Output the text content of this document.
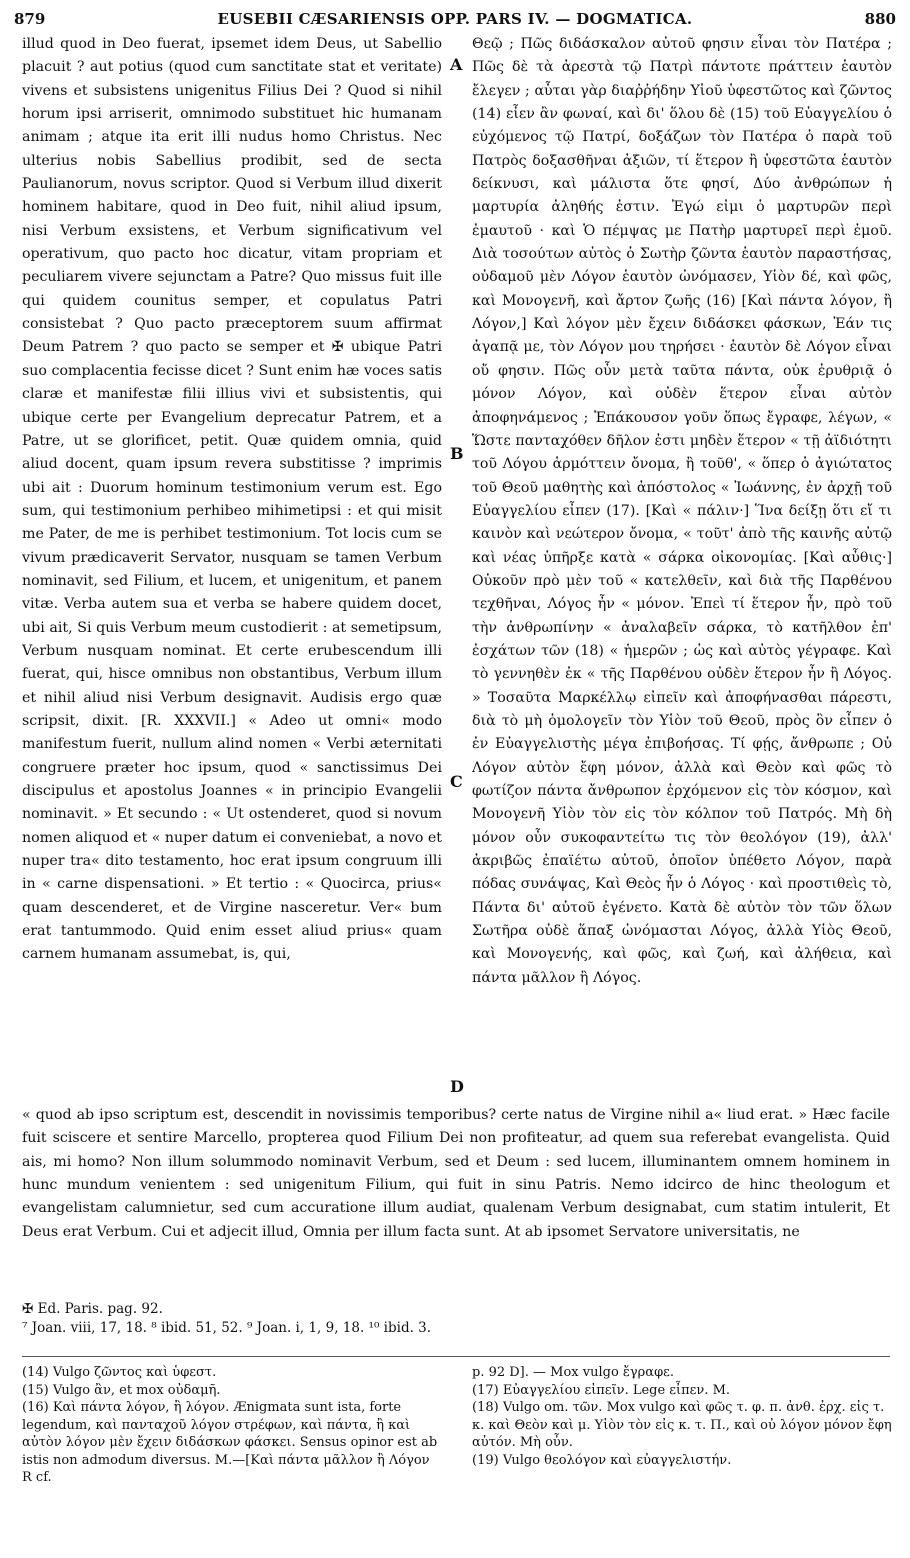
879	EUSEBII CÆSARIENSIS OPP. PARS IV. — DOGMATICA.	880

illud quod in Deo fuerat, ipsemet idem Deus, ut Sabellio placuit ? aut potius (quod cum sanctitate stat et veritate) vivens et subsistens unigenitus Filius Dei ? Quod si nihil horum ipsi arriserit, omnimodo substituet hic humanam animam ; atque ita erit illi nudus homo Christus. Nec ulterius nobis Sabellius prodibit, sed de secta Paulianorum, novus scriptor. Quod si Verbum illud dixerit hominem habitare, quod in Deo fuit, nihil aliud ipsum, nisi Verbum exsistens, et Verbum significativum vel operativum, quo pacto hoc dicatur, vitam propriam et peculiarem vivere sejunctam a Patre? Quo missus fuit ille qui quidem counitus semper, et copulatus Patri consistebat ? Quo pacto præceptorem suum affirmat Deum Patrem ? quo pacto se semper et ✠ ubique Patri suo complacentia fecisse dicet ? Sunt enim hæ voces satis claræ et manifestæ filii illius vivi et subsistentis, qui ubique certe per Evangelium deprecatur Patrem, et a Patre, ut se glorificet, petit. Quæ quidem omnia, quid aliud docent, quam ipsum revera substitisse ? imprimis ubi ait : Duorum hominum testimonium verum est. Ego sum, qui testimonium perhibeo mihimetipsi : et qui misit me Pater, de me is perhibet testimonium. Tot locis cum se vivum prædicaverit Servator, nusquam se tamen Verbum nominavit, sed Filium, et lucem, et unigenitum, et panem vitæ. Verba autem sua et verba se habere quidem docet, ubi ait, Si quis Verbum meum custodierit : at semetipsum, Verbum nusquam nominat. Et certe erubescendum illi fuerat, qui, hisce omnibus non obstantibus, Verbum illum et nihil aliud nisi Verbum designavit. Audisis ergo quæ scripsit, dixit. [R. XXXVII.] « Adeo ut omni« modo manifestum fuerit, nullum alind nomen « Verbi æternitati congruere præter hoc ipsum, quod « sanctissimus Dei discipulus et apostolus Joannes « in principio Evangelii nominavit. » Et secundo : « Ut ostenderet, quod si novum nomen aliquod et « nuper datum ei conveniebat, a novo et nuper tra« dito testamento, hoc erat ipsum congruum illi in « carne dispensationi. » Et tertio : « Quocirca, prius« quam descenderet, et de Virgine nasceretur. Ver« bum erat tantummodo. Quid enim esset aliud prius« quam carnem humanam assumebat, is, qui,

A
B
C
D

Θεῷ ; Πῶς διδάσκαλον αὐτοῦ φησιν εἶναι τὸν Πατέρα ; Πῶς δὲ τὰ ἀρεστὰ τῷ Πατρὶ πάντοτε πράττειν ἑαυτὸν ἔλεγεν ; αὗται γὰρ διαῤῥήδην Υἱοῦ ὑφεστῶτος καὶ ζῶντος (14) εἶεν ἂν φωναί, καὶ δι' ὅλου δὲ (15) τοῦ Εὐαγγελίου ὁ εὐχόμενος τῷ Πατρί, δοξάζων τὸν Πατέρα ὁ παρὰ τοῦ Πατρὸς δοξασθῆναι ἀξιῶν, τί ἕτερον ἢ ὑφεστῶτα ἑαυτὸν δείκνυσι, καὶ μάλιστα ὅτε φησί, Δύο ἀνθρώπων ἡ μαρτυρία ἀληθής ἐστιν. Ἐγώ εἰμι ὁ μαρτυρῶν περὶ ἐμαυτοῦ · καὶ Ὁ πέμψας με Πατὴρ μαρτυρεῖ περὶ ἐμοῦ. Διὰ τοσούτων αὐτὸς ὁ Σωτὴρ ζῶντα ἑαυτὸν παραστήσας, οὐδαμοῦ μὲν Λόγον ἑαυτὸν ὠνόμασεν, Υἱὸν δέ, καὶ φῶς, καὶ Μονογενῆ, καὶ ἄρτον ζωῆς (16) [Καὶ πάντα λόγον, ἢ Λόγον,] Καὶ λόγον μὲν ἔχειν διδάσκει φάσκων, Ἐάν τις ἀγαπᾷ με, τὸν Λόγον μου τηρήσει · ἑαυτὸν δὲ Λόγον εἶναι οὔ φησιν. Πῶς οὖν μετὰ ταῦτα πάντα, οὐκ ἐρυθριᾷ ὁ μόνον Λόγον, καὶ οὐδὲν ἕτερον εἶναι αὐτὸν ἀποφηνάμενος ; Ἐπάκουσον γοῦν ὅπως ἔγραφε, λέγων, « Ὥστε πανταχόθεν δῆλον ἐστι μηδὲν ἕτερον « τῇ ἀϊδιότητι τοῦ Λόγου ἁρμόττειν ὄνομα, ἢ τοῦθ', « ὅπερ ὁ ἁγιώτατος τοῦ Θεοῦ μαθητὴς καὶ ἀπόστολος « Ἰωάννης, ἐν ἀρχῇ τοῦ Εὐαγγελίου εἶπεν (17). [Καὶ « πάλιν·] Ἵνα δείξῃ ὅτι εἴ τι καινὸν καὶ νεώτερον ὄνομα, « τοῦτ' ἀπὸ τῆς καινῆς αὐτῷ καὶ νέας ὑπῆρξε κατὰ « σάρκα οἰκονομίας. [Καὶ αὖθις·] Οὐκοῦν πρὸ μὲν τοῦ « κατελθεῖν, καὶ διὰ τῆς Παρθένου τεχθῆναι, Λόγος ἦν « μόνον. Ἐπεὶ τί ἕτερον ἦν, πρὸ τοῦ τὴν ἀνθρωπίνην « ἀναλαβεῖν σάρκα, τὸ κατῆλθον ἐπ' ἐσχάτων τῶν (18) « ἡμερῶν ; ὡς καὶ αὐτὸς γέγραφε. Καὶ τὸ γεννηθὲν ἐκ « τῆς Παρθένου οὐδὲν ἕτερον ἦν ἢ Λόγος. » Τοσαῦτα Μαρκέλλῳ εἰπεῖν καὶ ἀποφήνασθαι πάρεστι, διὰ τὸ μὴ ὁμολογεῖν τὸν Υἱὸν τοῦ Θεοῦ, πρὸς ὃν εἶπεν ὁ ἐν Εὐαγγελιστὴς μέγα ἐπιβοήσας. Τί φῄς, ἄνθρωπε ; Οὐ Λόγον αὐτὸν ἔφη μόνον, ἀλλὰ καὶ Θεὸν καὶ φῶς τὸ φωτίζον πάντα ἄνθρωπον ἐρχόμενον εἰς τὸν κόσμον, καὶ Μονογενῆ Υἱὸν τὸν εἰς τὸν κόλπον τοῦ Πατρός. Μὴ δὴ μόνον οὖν συκοφαντείτω τις τὸν θεολόγον (19), ἀλλ' ἀκριβῶς ἐπαϊέτω αὐτοῦ, ὁποῖον ὑπέθετο Λόγον, παρὰ πόδας συνάψας, Καὶ Θεὸς ἦν ὁ Λόγος · καὶ προστιθεὶς τὸ, Πάντα δι' αὐτοῦ ἐγένετο. Κατὰ δὲ αὐτὸν τὸν τῶν ὅλων Σωτῆρα οὐδὲ ἅπαξ ὠνόμασται Λόγος, ἀλλὰ Υἱὸς Θεοῦ, καὶ Μονογενής, καὶ φῶς, καὶ ζωή, καὶ ἀλήθεια, καὶ πάντα μᾶλλον ἢ Λόγος.

« quod ab ipso scriptum est, descendit in novissimis temporibus? certe natus de Virgine nihil a« liud erat. » Hæc facile fuit sciscere et sentire Marcello, propterea quod Filium Dei non profiteatur, ad quem sua referebat evangelista. Quid ais, mi homo? Non illum solummodo nominavit Verbum, sed et Deum : sed lucem, illuminantem omnem hominem in hunc mundum venientem : sed unigenitum Filium, qui fuit in sinu Patris. Nemo idcirco de hinc theologum et evangelistam calumnietur, sed cum accuratione illum audiat, qualenam Verbum designabat, cum statim intulerit, Et Deus erat Verbum. Cui et adjecit illud, Omnia per illum facta sunt. At ab ipsomet Servatore universitatis, ne

✠ Ed. Paris. pag. 92.
⁷ Joan. viii, 17, 18. ⁸ ibid. 51, 52. ⁹ Joan. i, 1, 9, 18. ¹⁰ ibid. 3.
(14) Vulgo ζῶντος καὶ ὑφεστ.
(15) Vulgo ἂν, et mox οὐδαμῆ.
(16) Καὶ πάντα λόγον, ἢ λόγον. Ænigmata sunt ista, forte legendum, καὶ πανταχοῦ λόγον στρέφων, καὶ πάντα, ἢ καὶ αὐτὸν λόγον μὲν ἔχειν διδάσκων φάσκει. Sensus opinor est ab istis non admodum diversus. M.—[Καὶ πάντα μᾶλλον ἢ Λόγον R cf.
p. 92 D]. — Mox vulgo ἔγραφε.
(17) Εὐαγγελίου εἰπεῖν. Lege εἶπεν. M.
(18) Vulgo om. τῶν. Mox vulgo καὶ φῶς τ. φ. π. ἀνθ. ἐρχ. εἰς τ. κ. καὶ Θεὸν καὶ μ. Υἱὸν τὸν εἰς κ. τ. Π., καὶ οὐ λόγον μόνον ἔφη αὐτόν. Μὴ οὖν.
(19) Vulgo θεολόγον καὶ εὐαγγελιστήν.
